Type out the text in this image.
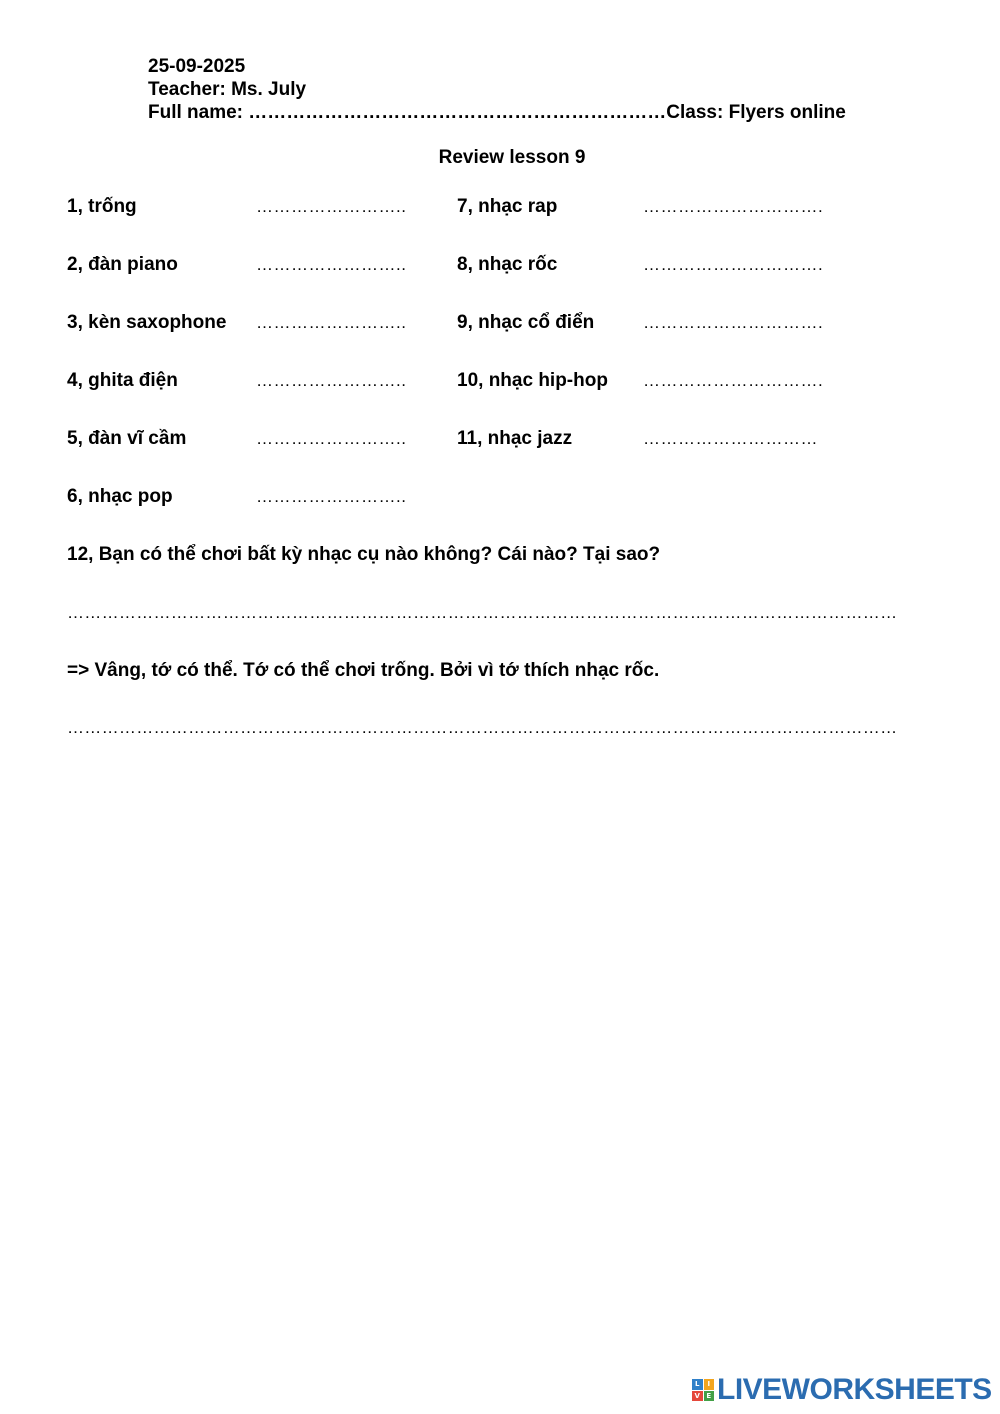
25-09-2025
Teacher: Ms. July
Full name: …………………………………………………………Class: Flyers online
Review lesson 9
1, trống	……………………..
2, đàn piano	……………………..
3, kèn saxophone ……………………..
4, ghita điện	……………………..
5, đàn vĩ cầm	……………………..
6, nhạc pop	……………………..
7, nhạc rap	………………………….
8, nhạc rốc	………………………….
9, nhạc cổ điển	………………………….
10, nhạc hip-hop ………………………….
11, nhạc jazz	…………………………
12, Bạn có thể chơi bất kỳ nhạc cụ nào không? Cái nào? Tại sao?
………………………………………………………………………………………………………………………………
=> Vâng, tớ có thể. Tớ có thể chơi trống. Bởi vì tớ thích nhạc rốc.
………………………………………………………………………………………………………………………………
L	I
V E LIVEWORKSHEETS
